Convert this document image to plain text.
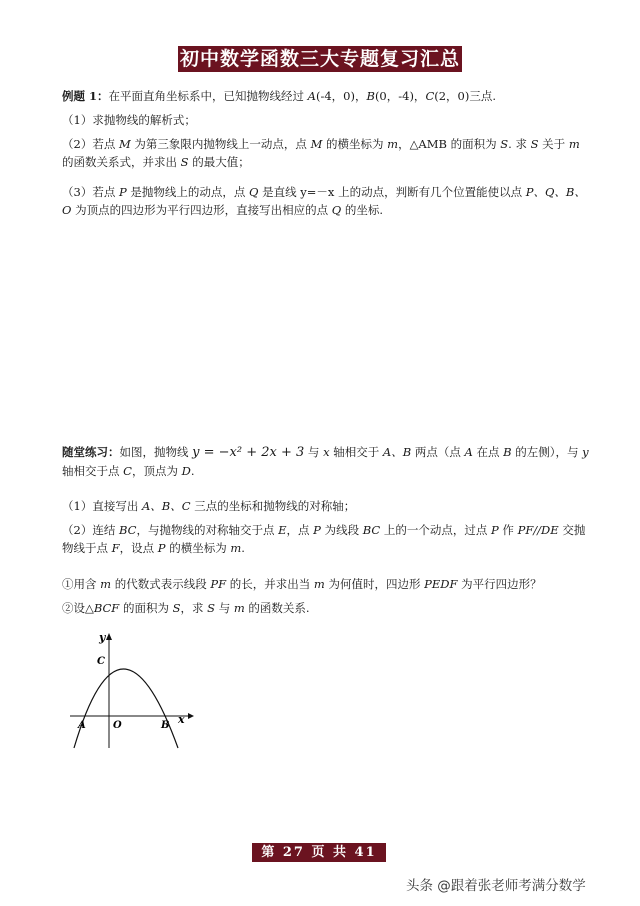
初中数学函数三大专题复习汇总
例题 1：在平面直角坐标系中，已知抛物线经过 A(-4，0)，B(0，-4)，C(2，0)三点.
（1）求抛物线的解析式；
（2）若点 M 为第三象限内抛物线上一动点，点 M 的横坐标为 m，△AMB 的面积为 S. 求 S 关于 m 的函数关系式，并求出 S 的最大值；
（3）若点 P 是抛物线上的动点，点 Q 是直线 y=－x 上的动点，判断有几个位置能使以点 P、Q、B、O 为顶点的四边形为平行四边形，直接写出相应的点 Q 的坐标.
随堂练习：如图，抛物线 y = −x² + 2x + 3 与 x 轴相交于 A、B 两点（点 A 在点 B 的左侧），与 y 轴相交于点 C，顶点为 D.
（1）直接写出 A、B、C 三点的坐标和抛物线的对称轴；
（2）连结 BC，与抛物线的对称轴交于点 E，点 P 为线段 BC 上的一个动点，过点 P 作 PF//DE 交抛物线于点 F，设点 P 的横坐标为 m.
①用含 m 的代数式表示线段 PF 的长，并求出当 m 为何值时，四边形 PEDF 为平行四边形？
②设△BCF 的面积为 S，求 S 与 m 的函数关系.
y
x
C
A	O	B
第 27 页 共 41 页
头条 @跟着张老师考满分数学
